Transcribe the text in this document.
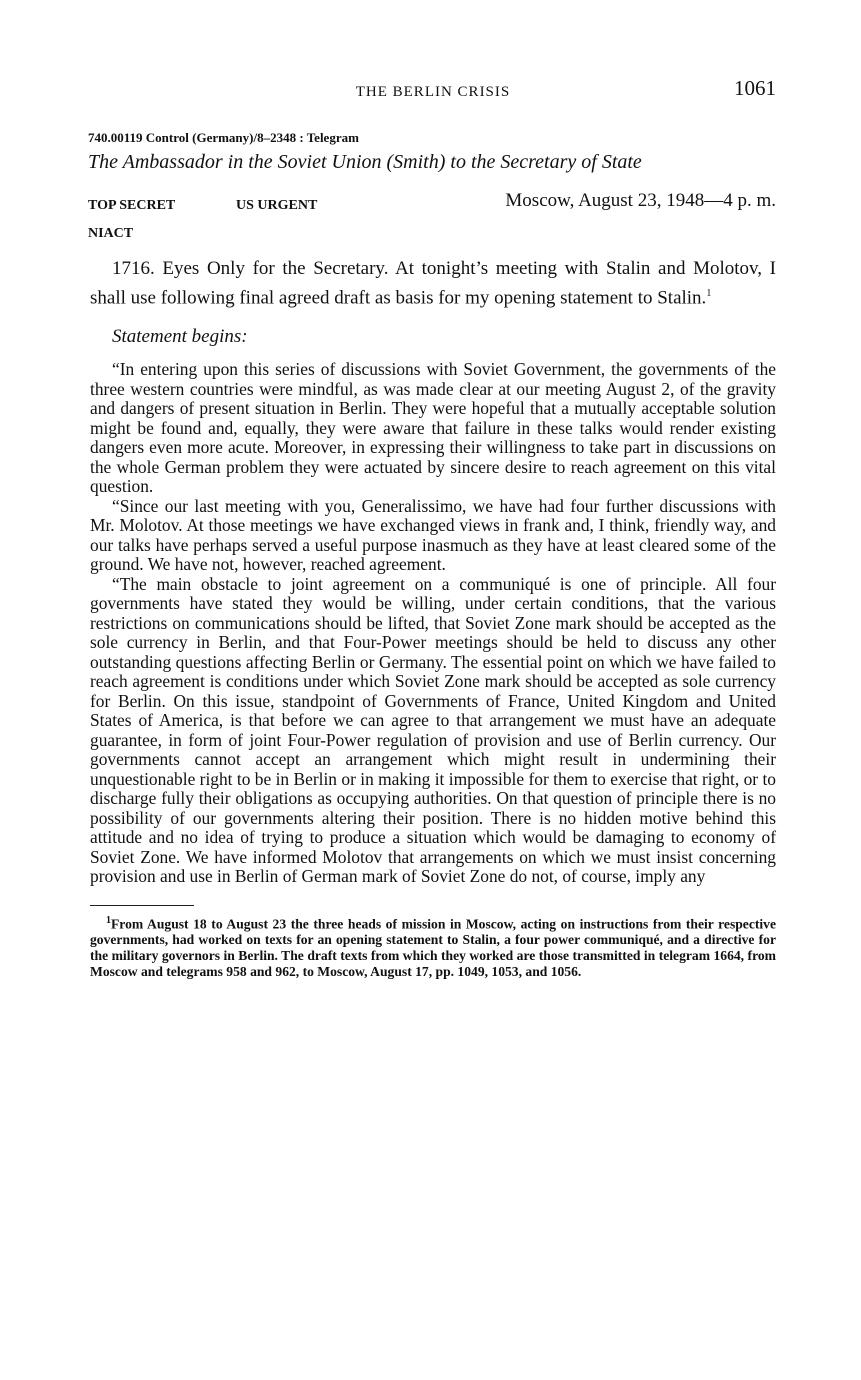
THE BERLIN CRISIS	1061
740.00119 Control (Germany)/8–2348 : Telegram
The Ambassador in the Soviet Union (Smith) to the Secretary of State
TOP SECRET	US URGENT	Moscow, August 23, 1948—4 p. m.
NIACT

1716. Eyes Only for the Secretary. At tonight’s meeting with Stalin and Molotov, I shall use following final agreed draft as basis for my opening statement to Stalin.$^1$

Statement begins:

“In entering upon this series of discussions with Soviet Government, the governments of the three western countries were mindful, as was made clear at our meeting August 2, of the gravity and dangers of present situation in Berlin. They were hopeful that a mutually acceptable solution might be found and, equally, they were aware that failure in these talks would render existing dangers even more acute. Moreover, in expressing their willingness to take part in discussions on the whole German problem they were actuated by sincere desire to reach agreement on this vital question.

“Since our last meeting with you, Generalissimo, we have had four further discussions with Mr. Molotov. At those meetings we have exchanged views in frank and, I think, friendly way, and our talks have perhaps served a useful purpose inasmuch as they have at least cleared some of the ground. We have not, however, reached agreement.

“The main obstacle to joint agreement on a communiqué is one of principle. All four governments have stated they would be willing, under certain conditions, that the various restrictions on communications should be lifted, that Soviet Zone mark should be accepted as the sole currency in Berlin, and that Four-Power meetings should be held to discuss any other outstanding questions affecting Berlin or Germany. The essential point on which we have failed to reach agreement is conditions under which Soviet Zone mark should be accepted as sole currency for Berlin. On this issue, standpoint of Governments of France, United Kingdom and United States of America, is that before we can agree to that arrangement we must have an adequate guarantee, in form of joint Four-Power regulation of provision and use of Berlin currency. Our governments cannot accept an arrangement which might result in undermining their unquestionable right to be in Berlin or in making it impossible for them to exercise that right, or to discharge fully their obligations as occupying authorities. On that question of principle there is no possibility of our governments altering their position. There is no hidden motive behind this attitude and no idea of trying to produce a situation which would be damaging to economy of Soviet Zone. We have informed Molotov that arrangements on which we must insist concerning provision and use in Berlin of German mark of Soviet Zone do not, of course, imply any

$^1$From August 18 to August 23 the three heads of mission in Moscow, acting on instructions from their respective governments, had worked on texts for an opening statement to Stalin, a four power communiqué, and a directive for the military governors in Berlin. The draft texts from which they worked are those transmitted in telegram 1664, from Moscow and telegrams 958 and 962, to Moscow, August 17, pp. 1049, 1053, and 1056.
